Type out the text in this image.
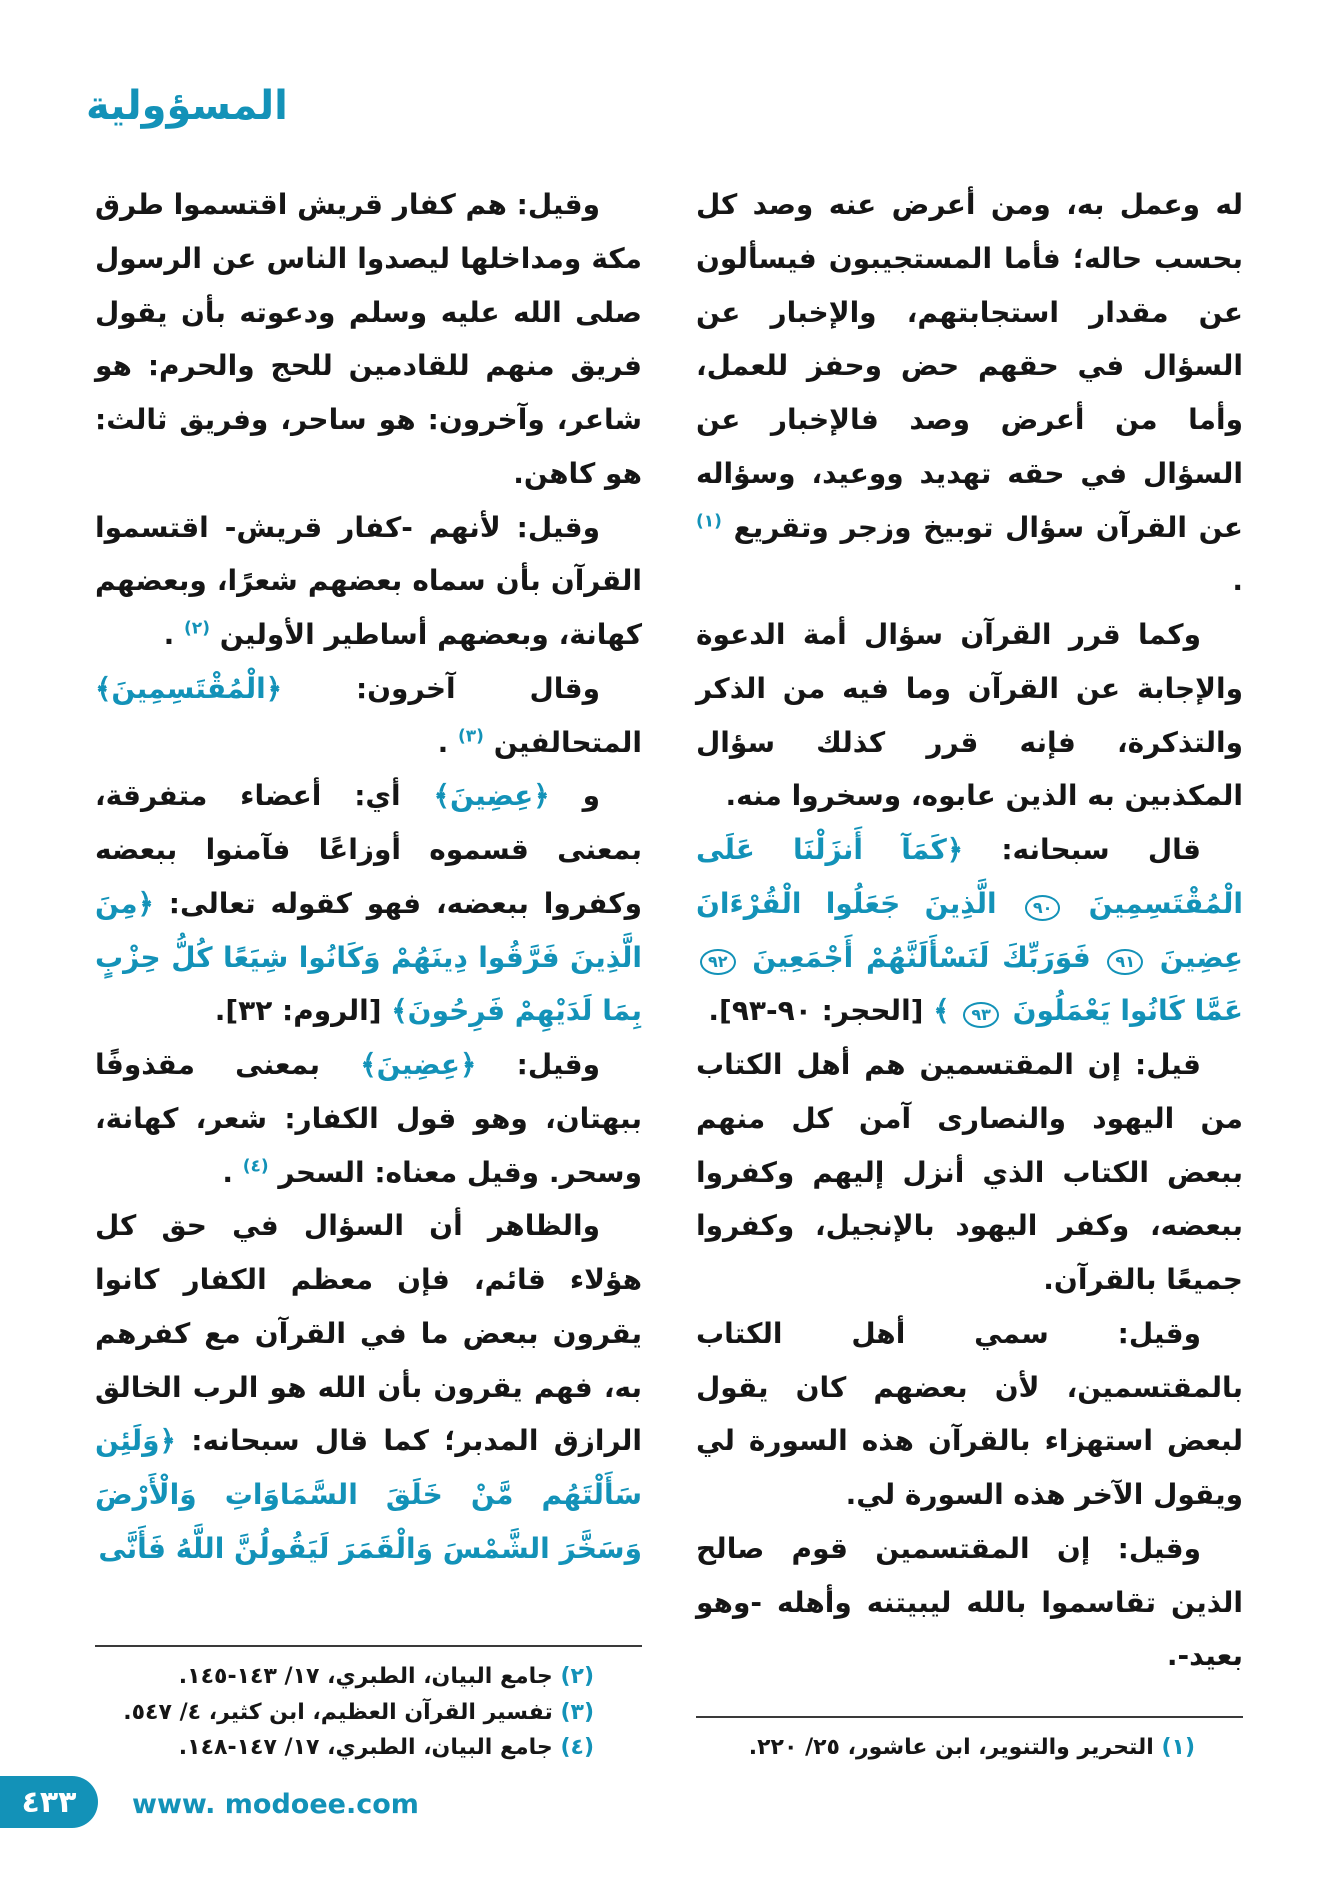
المسؤولية

له وعمل به، ومن أعرض عنه وصد كل بحسب حاله؛ فأما المستجيبون فيسألون عن مقدار استجابتهم، والإخبار عن السؤال في حقهم حض وحفز للعمل، وأما من أعرض وصد فالإخبار عن السؤال في حقه تهديد ووعيد، وسؤاله عن القرآن سؤال توبيخ وزجر وتقريع $^{(١)}$ .

وكما قرر القرآن سؤال أمة الدعوة والإجابة عن القرآن وما فيه من الذكر والتذكرة، فإنه قرر كذلك سؤال المكذبين به الذين عابوه، وسخروا منه.

قال سبحانه: ﴿كَمَآ أَنزَلْنَا عَلَى الْمُقْتَسِمِينَ ٩٠ الَّذِينَ جَعَلُوا الْقُرْءَانَ عِضِينَ ٩١ فَوَرَبِّكَ لَنَسْأَلَنَّهُمْ أَجْمَعِينَ ٩٢ عَمَّا كَانُوا يَعْمَلُونَ ٩٣ ﴾ [الحجر: ٩٠-٩٣].

قيل: إن المقتسمين هم أهل الكتاب من اليهود والنصارى آمن كل منهم ببعض الكتاب الذي أنزل إليهم وكفروا ببعضه، وكفر اليهود بالإنجيل، وكفروا جميعًا بالقرآن.

وقيل: سمي أهل الكتاب بالمقتسمين، لأن بعضهم كان يقول لبعض استهزاء بالقرآن هذه السورة لي ويقول الآخر هذه السورة لي.

وقيل: إن المقتسمين قوم صالح الذين تقاسموا بالله ليبيتنه وأهله -وهو بعيد-.

(١) التحرير والتنوير، ابن عاشور، ٢٥/ ٢٢٠.

وقيل: هم كفار قريش اقتسموا طرق مكة ومداخلها ليصدوا الناس عن الرسول صلى الله عليه وسلم ودعوته بأن يقول فريق منهم للقادمين للحج والحرم: هو شاعر، وآخرون: هو ساحر، وفريق ثالث: هو كاهن.

وقيل: لأنهم -كفار قريش- اقتسموا القرآن بأن سماه بعضهم شعرًا، وبعضهم كهانة، وبعضهم أساطير الأولين $^{(٢)}$ .

وقال آخرون: ﴿الْمُقْتَسِمِينَ﴾ المتحالفين $^{(٣)}$ .

و ﴿عِضِينَ﴾ أي: أعضاء متفرقة، بمعنى قسموه أوزاعًا فآمنوا ببعضه وكفروا ببعضه، فهو كقوله تعالى: ﴿مِنَ الَّذِينَ فَرَّقُوا دِينَهُمْ وَكَانُوا شِيَعًا كُلُّ حِزْبٍ بِمَا لَدَيْهِمْ فَرِحُونَ﴾ [الروم: ٣٢].

وقيل: ﴿عِضِينَ﴾ بمعنى مقذوفًا ببهتان، وهو قول الكفار: شعر، كهانة، وسحر. وقيل معناه: السحر $^{(٤)}$ .

والظاهر أن السؤال في حق كل هؤلاء قائم، فإن معظم الكفار كانوا يقرون ببعض ما في القرآن مع كفرهم به، فهم يقرون بأن الله هو الرب الخالق الرازق المدبر؛ كما قال سبحانه: ﴿وَلَئِن سَأَلْتَهُم مَّنْ خَلَقَ السَّمَاوَاتِ وَالْأَرْضَ وَسَخَّرَ الشَّمْسَ وَالْقَمَرَ لَيَقُولُنَّ اللَّهُ فَأَنَّى

(٢) جامع البيان، الطبري، ١٧/ ١٤٣-١٤٥.
(٣) تفسير القرآن العظيم، ابن كثير، ٤/ ٥٤٧.
(٤) جامع البيان، الطبري، ١٧/ ١٤٧-١٤٨.
٤٣٣ www. modoee.com
